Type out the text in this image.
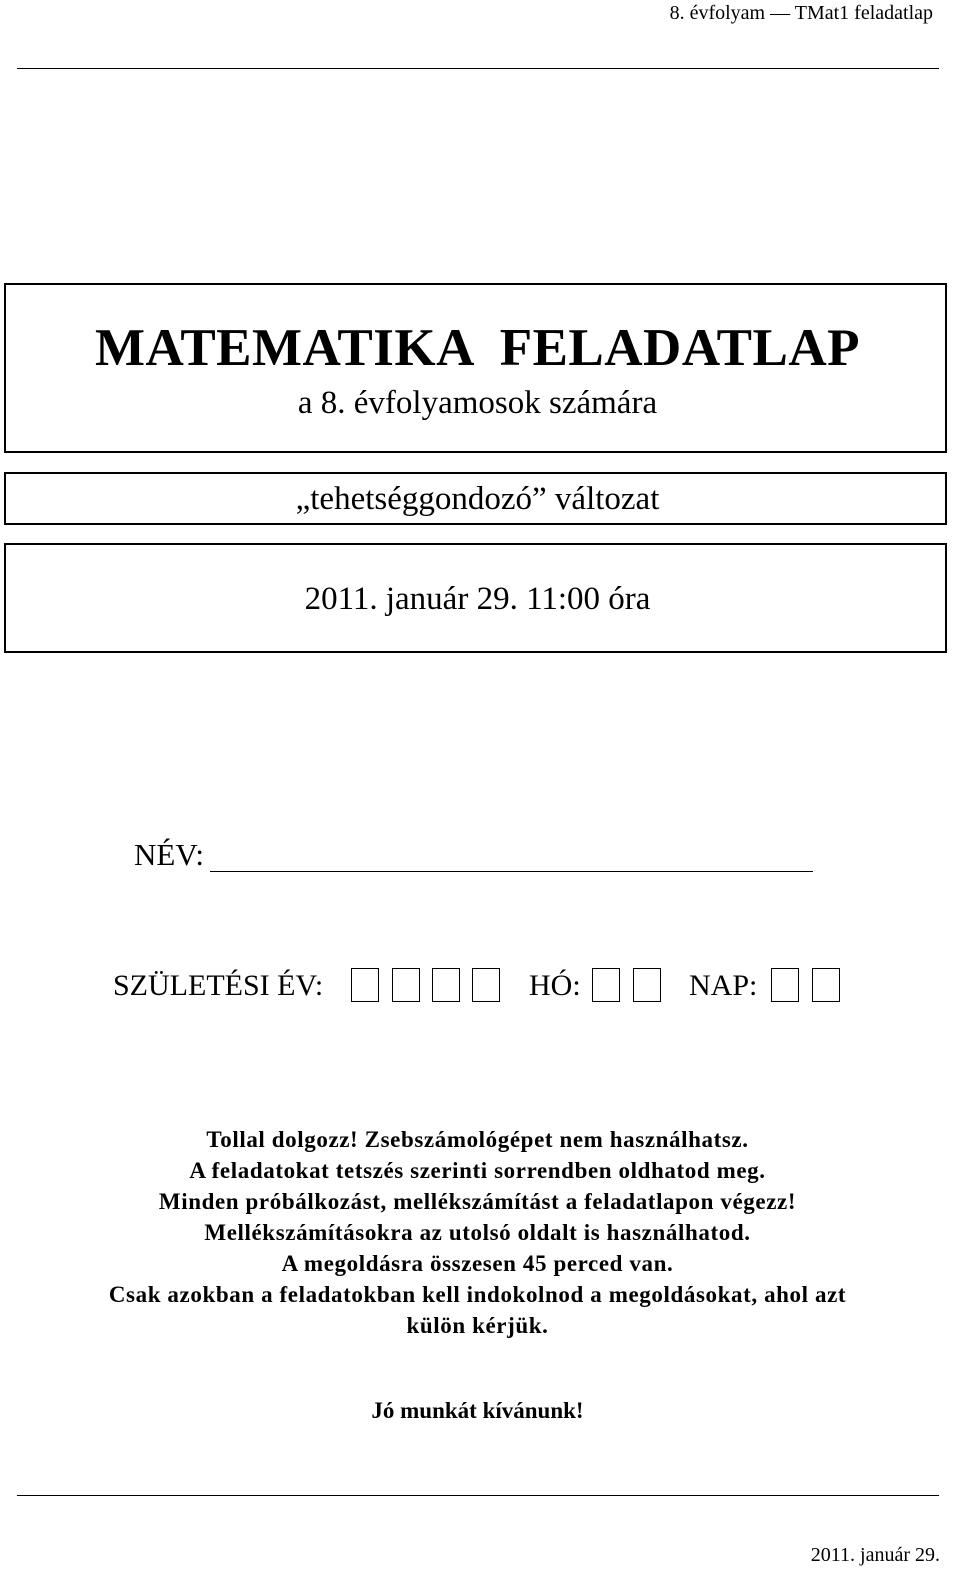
8. évfolyam — TMat1 feladatlap
MATEMATIKA FELADATLAP
a 8. évfolyamosok számára
„tehetséggondozó” változat
2011. január 29. 11:00 óra
NÉV:
SZÜLETÉSI ÉV:	HÓ:	NAP:
Tollal dolgozz! Zsebszámológépet nem használhatsz.
A feladatokat tetszés szerinti sorrendben oldhatod meg.
Minden próbálkozást, mellékszámítást a feladatlapon végezz!
Mellékszámításokra az utolsó oldalt is használhatod.
A megoldásra összesen 45 perced van.
Csak azokban a feladatokban kell indokolnod a megoldásokat, ahol azt
külön kérjük.
Jó munkát kívánunk!
2011. január 29.
